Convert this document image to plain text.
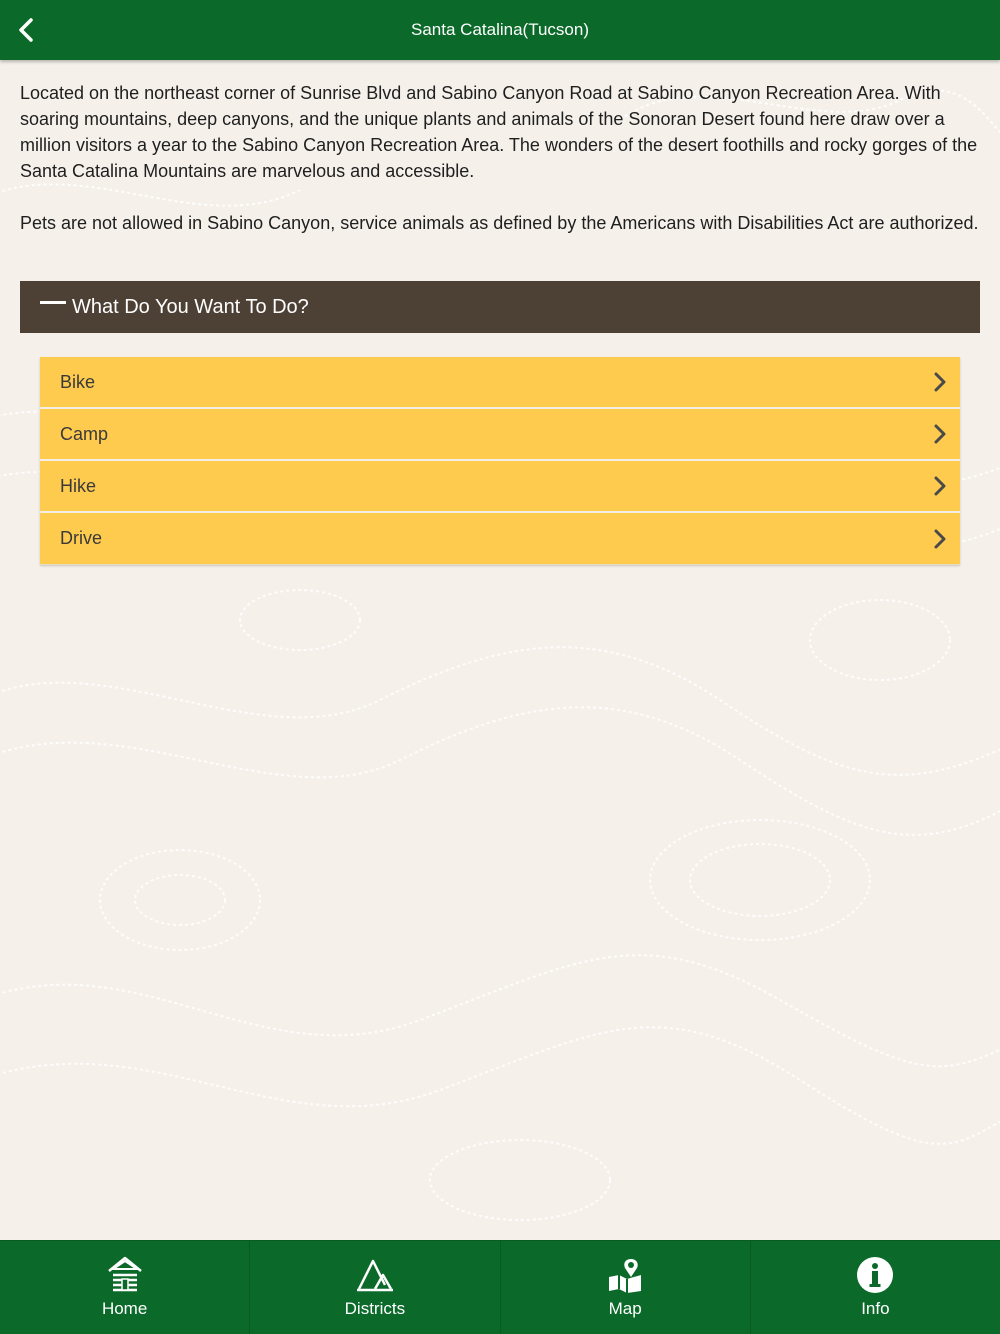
Santa Catalina(Tucson)

Located on the northeast corner of Sunrise Blvd and Sabino Canyon Road at Sabino Canyon Recreation Area. With soaring mountains, deep canyons, and the unique plants and animals of the Sonoran Desert found here draw over a million visitors a year to the Sabino Canyon Recreation Area. The wonders of the desert foothills and rocky gorges of the Santa Catalina Mountains are marvelous and accessible.

Pets are not allowed in Sabino Canyon, service animals as defined by the Americans with Disabilities Act are authorized.

What Do You Want To Do?
Bike
Camp
Hike
Drive
Home	Districts	Map	Info
